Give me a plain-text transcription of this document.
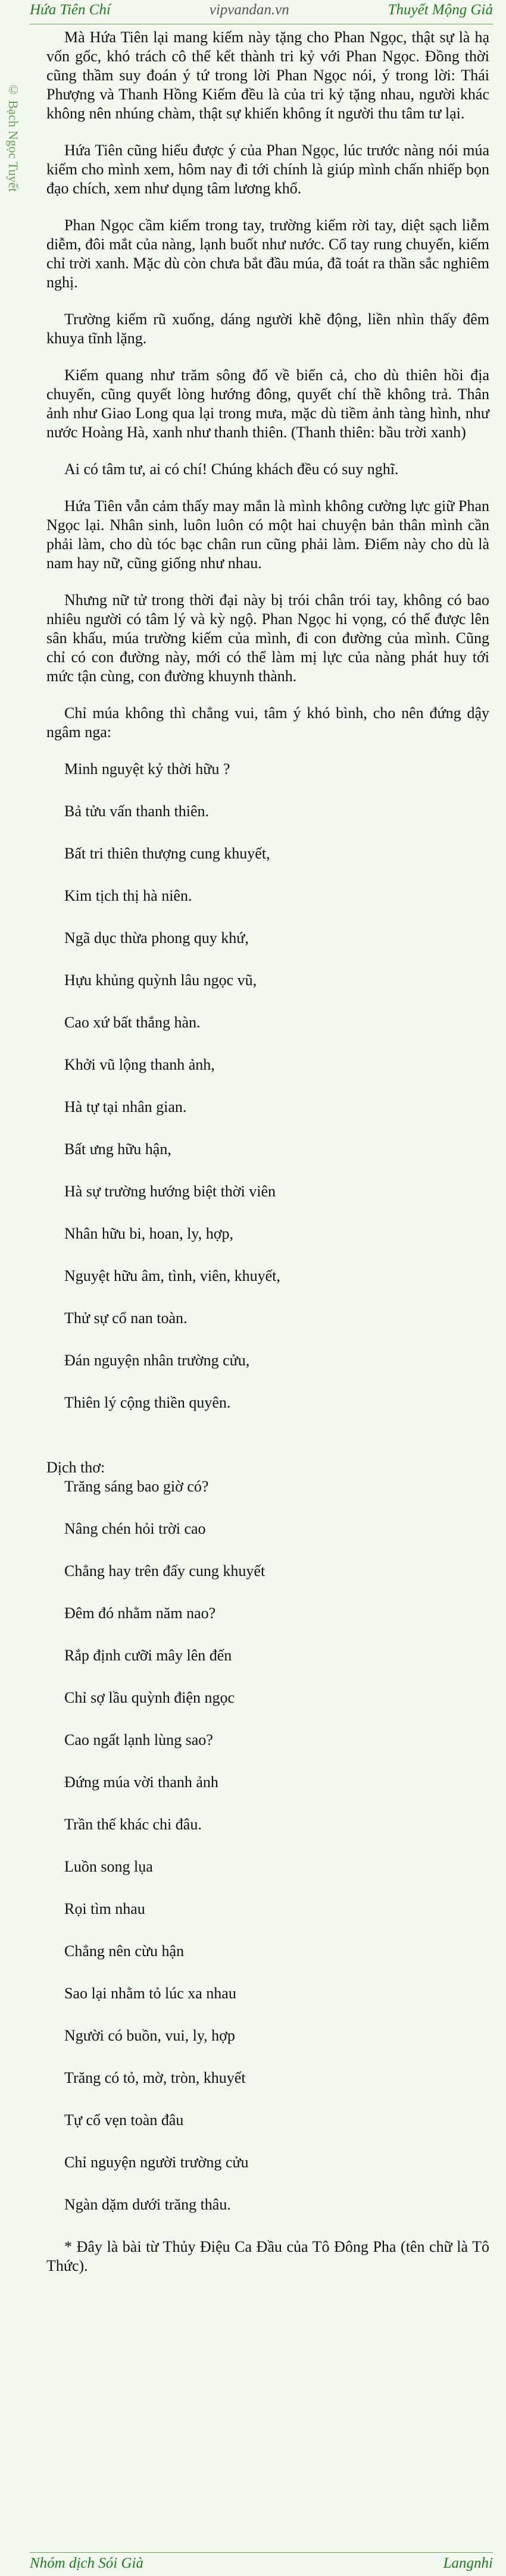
Hứa Tiên Chí	vipvandan.vn	Thuyết Mộng Giả
© Bạch Ngọc Tuyết

Mà Hứa Tiên lại mang kiếm này tặng cho Phan Ngọc, thật sự là hạ vốn gốc, khó trách cô thể kết thành tri kỷ với Phan Ngọc. Đồng thời cũng thầm suy đoán ý tứ trong lời Phan Ngọc nói, ý trong lời: Thái Phượng và Thanh Hồng Kiếm đều là của tri kỷ tặng nhau, người khác không nên nhúng chàm, thật sự khiến không ít người thu tâm tư lại.

Hứa Tiên cũng hiểu được ý của Phan Ngọc, lúc trước nàng nói múa kiếm cho mình xem, hôm nay đi tới chính là giúp mình chấn nhiếp bọn đạo chích, xem như dụng tâm lương khổ.

Phan Ngọc cầm kiếm trong tay, trường kiếm rời tay, diệt sạch liễm diễm, đôi mắt của nàng, lạnh buốt như nước. Cổ tay rung chuyển, kiếm chỉ trời xanh. Mặc dù còn chưa bắt đầu múa, đã toát ra thần sắc nghiêm nghị.

Trường kiếm rũ xuống, dáng người khẽ động, liền nhìn thấy đêm khuya tĩnh lặng.

Kiếm quang như trăm sông đổ về biển cả, cho dù thiên hồi địa chuyển, cũng quyết lòng hướng đông, quyết chí thề không trả. Thân ảnh như Giao Long qua lại trong mưa, mặc dù tiềm ảnh tàng hình, như nước Hoàng Hà, xanh như thanh thiên. (Thanh thiên: bầu trời xanh)

Ai có tâm tư, ai có chí! Chúng khách đều có suy nghĩ.

Hứa Tiên vẫn cảm thấy may mắn là mình không cường lực giữ Phan Ngọc lại. Nhân sinh, luôn luôn có một hai chuyện bản thân mình cần phải làm, cho dù tóc bạc chân run cũng phải làm. Điểm này cho dù là nam hay nữ, cũng giống như nhau.

Nhưng nữ tử trong thời đại này bị trói chân trói tay, không có bao nhiêu người có tâm lý và kỳ ngộ. Phan Ngọc hi vọng, có thể được lên sân khấu, múa trường kiếm của mình, đi con đường của mình. Cũng chỉ có con đường này, mới có thể làm mị lực của nàng phát huy tới mức tận cùng, con đường khuynh thành.

Chỉ múa không thì chẳng vui, tâm ý khó bình, cho nên đứng dậy ngâm nga:

Minh nguyệt kỷ thời hữu ?

Bả tửu vấn thanh thiên.

Bất tri thiên thượng cung khuyết,

Kim tịch thị hà niên.

Ngã dục thừa phong quy khứ,

Hựu khủng quỳnh lâu ngọc vũ,

Cao xứ bất thắng hàn.

Khởi vũ lộng thanh ảnh,

Hà tự tại nhân gian.

Bất ưng hữu hận,

Hà sự trường hướng biệt thời viên

Nhân hữu bi, hoan, ly, hợp,

Nguyệt hữu âm, tình, viên, khuyết,

Thử sự cổ nan toàn.

Đán nguyện nhân trường cửu,

Thiên lý cộng thiền quyên.

Dịch thơ:

Trăng sáng bao giờ có?

Nâng chén hỏi trời cao

Chẳng hay trên đấy cung khuyết

Đêm đó nhằm năm nao?

Rắp định cưỡi mây lên đến

Chỉ sợ lầu quỳnh điện ngọc

Cao ngất lạnh lùng sao?

Đứng múa vời thanh ảnh

Trần thế khác chi đâu.

Luồn song lụa

Rọi tìm nhau

Chẳng nên cừu hận

Sao lại nhằm tỏ lúc xa nhau

Người có buồn, vui, ly, hợp

Trăng có tỏ, mờ, tròn, khuyết

Tự cổ vẹn toàn đâu

Chỉ nguyện người trường cửu

Ngàn dặm dưới trăng thâu.

* Đây là bài từ Thủy Điệu Ca Đầu của Tô Đông Pha (tên chữ là Tô Thức).

Nhóm dịch Sói Già	Langnhi
